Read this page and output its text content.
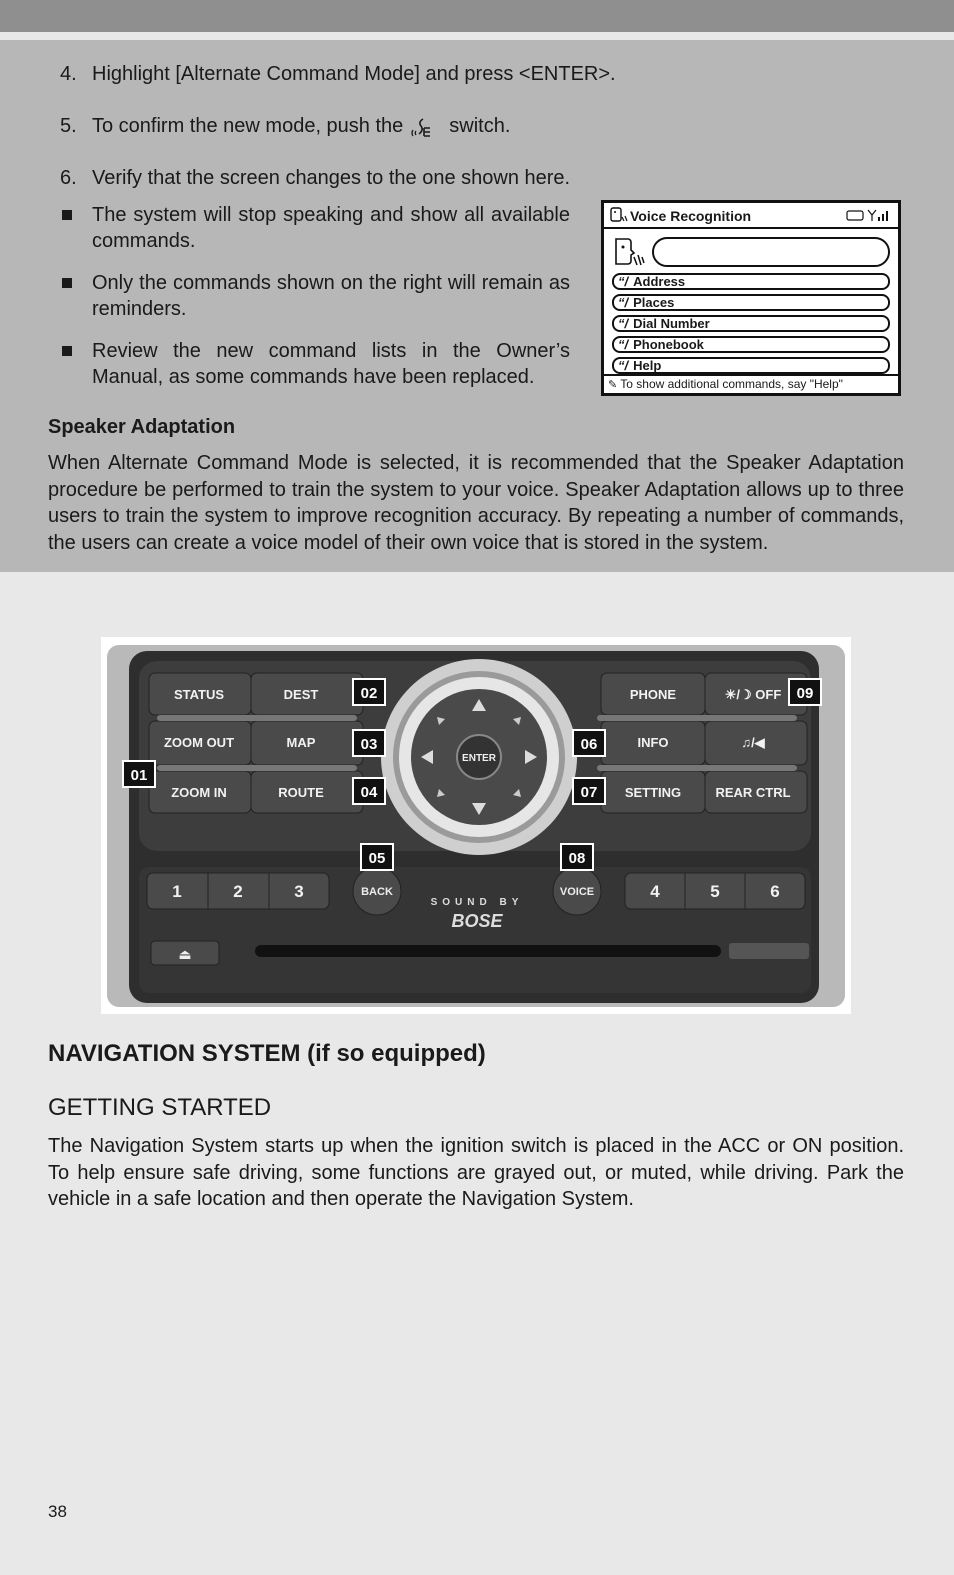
4. Highlight [Alternate Command Mode] and press <ENTER>.
5. To confirm the new mode, push the switch.
6. Verify that the screen changes to the one shown here.
The system will stop speaking and show all available commands.
Only the commands shown on the right will remain as reminders.
Review the new command lists in the Owner’s Manual, as some commands have been replaced.
Voice Recognition
“/ Address
“/ Places
“/ Dial Number
“/ Phonebook
“/ Help
✎ To show additional commands, say "Help"
Speaker Adaptation
When Alternate Command Mode is selected, it is recommended that the Speaker Adaptation procedure be performed to train the system to your voice. Speaker Adaptation allows up to three users to train the system to improve recognition accuracy. By repeating a number of commands, the users can create a voice model of their own voice that is stored in the system.
STATUS
ZOOM OUT
ZOOM IN
DEST
MAP
ROUTE
PHONE
INFO
SETTING
☀/☽ OFF
♫/◀
REAR CTRL
ENTER
1	2	3	4	5	6
BACK	VOICE
SOUND BY
BOSE
⏏
01
02
03
04
05
06
07
08
09
NAVIGATION SYSTEM (if so equipped)
GETTING STARTED
The Navigation System starts up when the ignition switch is placed in the ACC or ON position. To help ensure safe driving, some functions are grayed out, or muted, while driving. Park the vehicle in a safe location and then operate the Navigation System.
38
